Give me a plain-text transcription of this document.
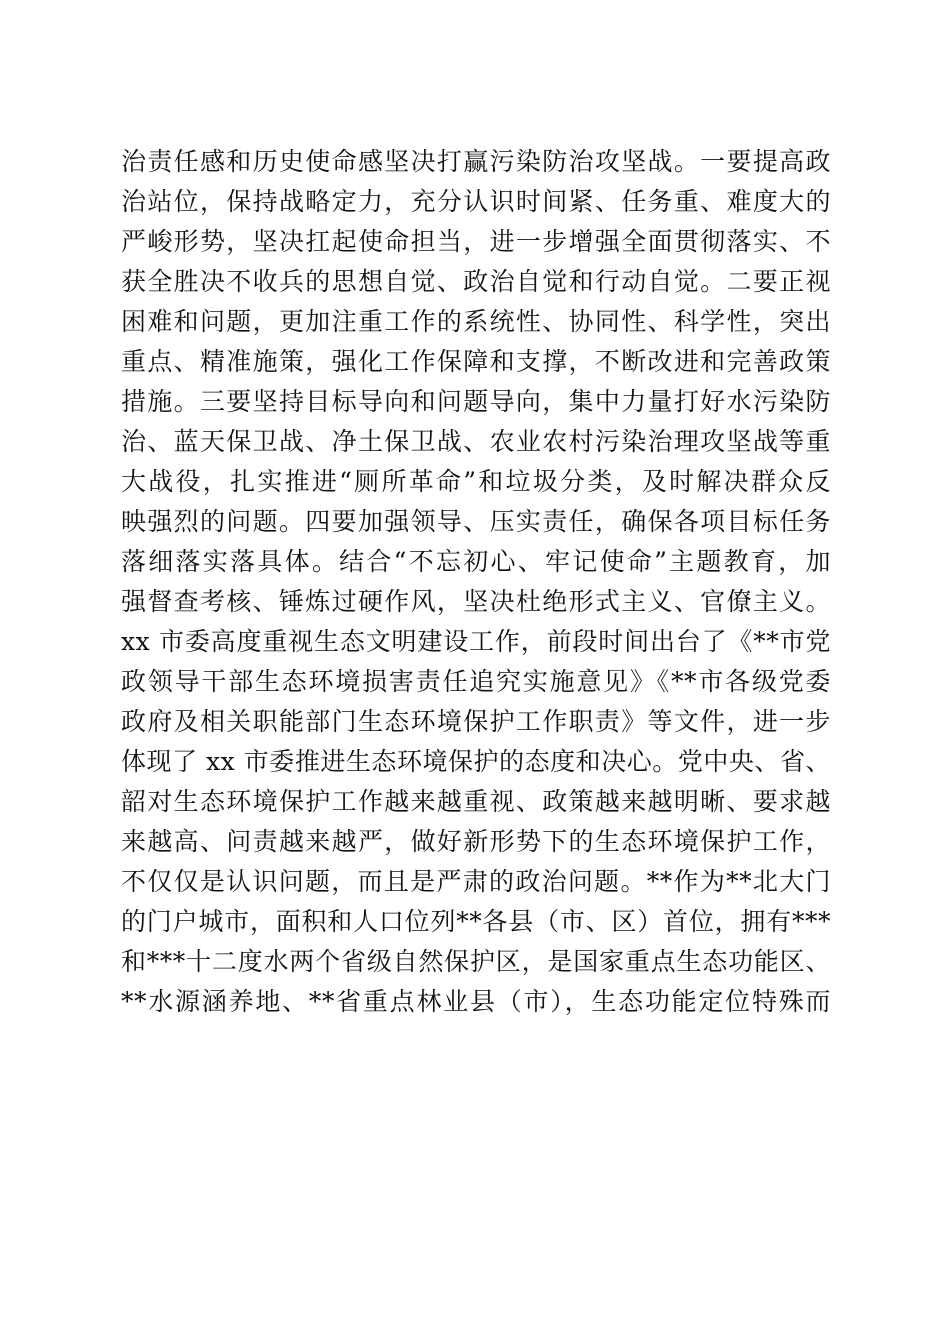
治责任感和历史使命感坚决打赢污染防治攻坚战。一要提高政
治站位，保持战略定力，充分认识时间紧、任务重、难度大的
严峻形势，坚决扛起使命担当，进一步增强全面贯彻落实、不
获全胜决不收兵的思想自觉、政治自觉和行动自觉。二要正视
困难和问题，更加注重工作的系统性、协同性、科学性，突出
重点、精准施策，强化工作保障和支撑，不断改进和完善政策
措施。三要坚持目标导向和问题导向，集中力量打好水污染防
治、蓝天保卫战、净土保卫战、农业农村污染治理攻坚战等重
大战役，扎实推进“厕所革命”和垃圾分类，及时解决群众反
映强烈的问题。四要加强领导、压实责任，确保各项目标任务
落细落实落具体。结合“不忘初心、牢记使命”主题教育，加
强督查考核、锤炼过硬作风，坚决杜绝形式主义、官僚主义。
xx 市委高度重视生态文明建设工作，前段时间出台了《**市党
政领导干部生态环境损害责任追究实施意见》《**市各级党委
政府及相关职能部门生态环境保护工作职责》等文件，进一步
体现了 xx 市委推进生态环境保护的态度和决心。党中央、省、
韶对生态环境保护工作越来越重视、政策越来越明晰、要求越
来越高、问责越来越严，做好新形势下的生态环境保护工作，
不仅仅是认识问题，而且是严肃的政治问题。**作为**北大门
的门户城市，面积和人口位列**各县（市、区）首位，拥有***
和***十二度水两个省级自然保护区，是国家重点生态功能区、
**水源涵养地、**省重点林业县（市），生态功能定位特殊而
